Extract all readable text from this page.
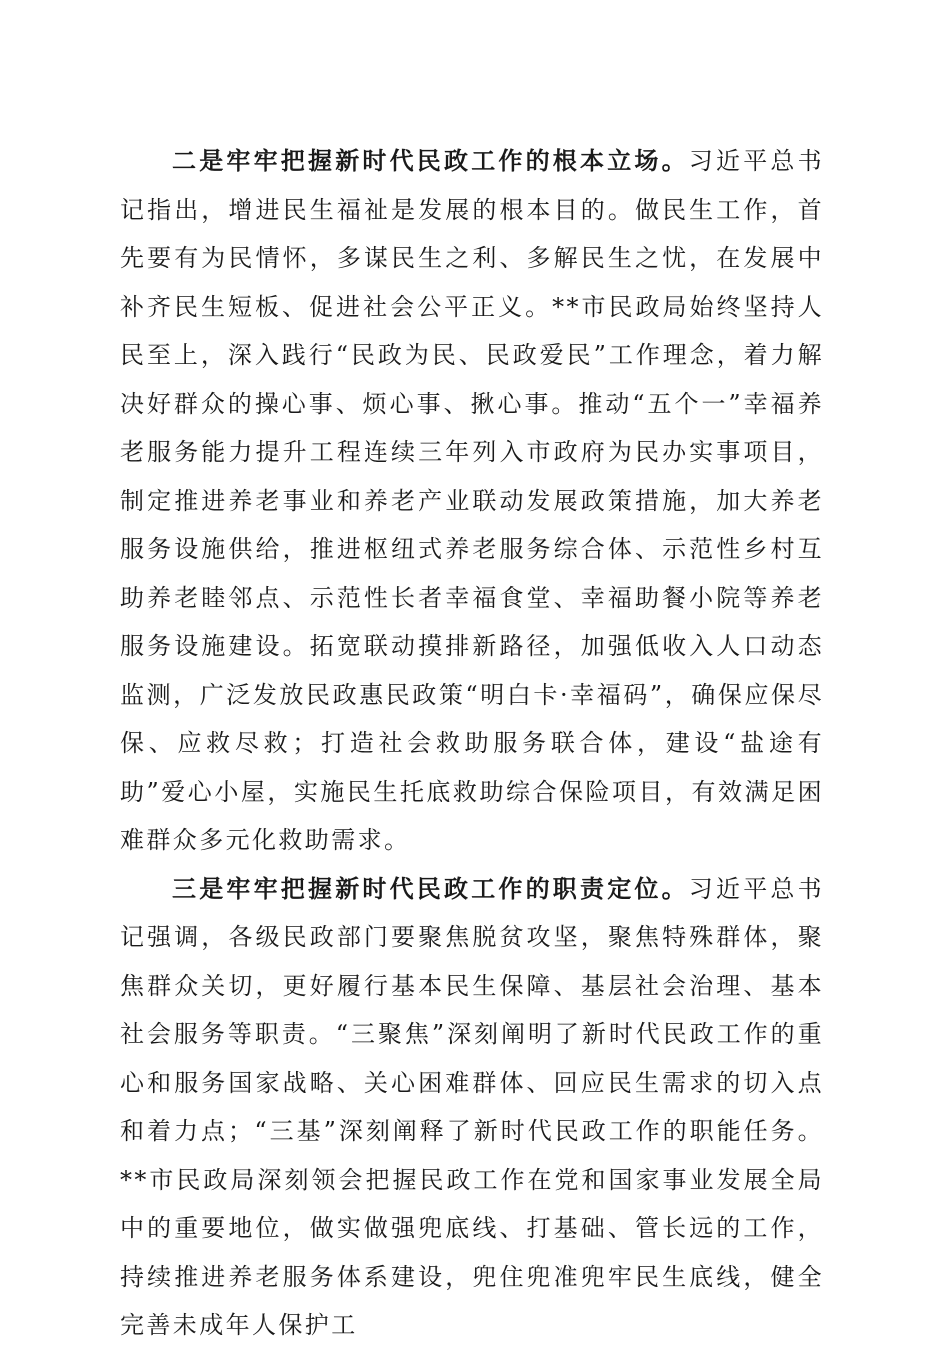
二是牢牢把握新时代民政工作的根本立场。习近平总书记指出，增进民生福祉是发展的根本目的。做民生工作，首先要有为民情怀，多谋民生之利、多解民生之忧，在发展中补齐民生短板、促进社会公平正义。**市民政局始终坚持人民至上，深入践行“民政为民、民政爱民”工作理念，着力解决好群众的操心事、烦心事、揪心事。推动“五个一”幸福养老服务能力提升工程连续三年列入市政府为民办实事项目，制定推进养老事业和养老产业联动发展政策措施，加大养老服务设施供给，推进枢纽式养老服务综合体、示范性乡村互助养老睦邻点、示范性长者幸福食堂、幸福助餐小院等养老服务设施建设。拓宽联动摸排新路径，加强低收入人口动态监测，广泛发放民政惠民政策“明白卡·幸福码”，确保应保尽保、应救尽救；打造社会救助服务联合体，建设“盐途有助”爱心小屋，实施民生托底救助综合保险项目，有效满足困难群众多元化救助需求。

三是牢牢把握新时代民政工作的职责定位。习近平总书记强调，各级民政部门要聚焦脱贫攻坚，聚焦特殊群体，聚焦群众关切，更好履行基本民生保障、基层社会治理、基本社会服务等职责。“三聚焦”深刻阐明了新时代民政工作的重心和服务国家战略、关心困难群体、回应民生需求的切入点和着力点；“三基”深刻阐释了新时代民政工作的职能任务。**市民政局深刻领会把握民政工作在党和国家事业发展全局中的重要地位，做实做强兜底线、打基础、管长远的工作，持续推进养老服务体系建设，兜住兜准兜牢民生底线，健全完善未成年人保护工
